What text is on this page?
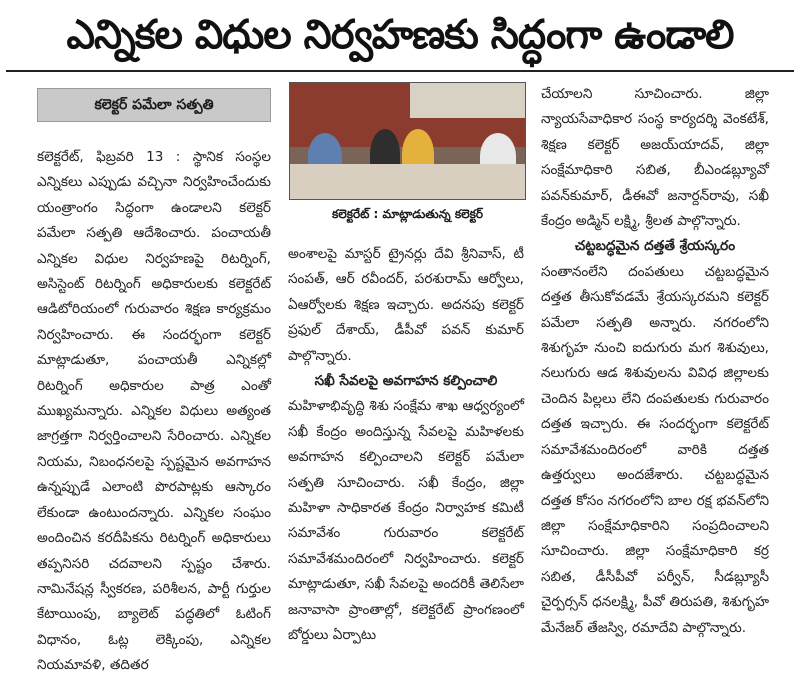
ఎన్నికల విధుల నిర్వహణకు సిద్ధంగా ఉండాలి
కలెక్టర్ పమేలా సత్పతి

కలెక్టరేట్, ఫిబ్రవరి 13 : స్థానిక సంస్థల ఎన్నికలు ఎప్పుడు వచ్చినా నిర్వహించేందుకు యంత్రాంగం సిద్ధంగా ఉండాలని కలెక్టర్ పమేలా సత్పతి ఆదేశించారు. పంచాయతీ ఎన్నికల విధుల నిర్వహణపై రిటర్నింగ్, అసిస్టెంట్ రిటర్నింగ్ అధికారులకు కలెక్టరేట్ ఆడిటోరియంలో గురువారం శిక్షణ కార్యక్రమం నిర్వహించారు. ఈ సందర్భంగా కలెక్టర్ మాట్లాడుతూ, పంచాయతీ ఎన్నికల్లో రిటర్నింగ్ అధికారుల పాత్ర ఎంతో ముఖ్యమన్నారు. ఎన్నికల విధులు అత్యంత జాగ్రత్తగా నిర్వర్తించాలని సేరించారు. ఎన్నికల నియమ, నిబంధనలపై స్పష్టమైన అవగాహన ఉన్నప్పుడే ఎలాంటి పొరపాట్లకు ఆస్కారం లేకుండా ఉంటుందన్నారు. ఎన్నికల సంఘం అందించిన కరదీపికను రిటర్నింగ్ అధికారులు తప్పనిసరి చదవాలని స్పష్టం చేశారు. నామినేషన్ల స్వీకరణ, పరిశీలన, పార్టీ గుర్తుల కేటాయింపు, బ్యాలెట్ పద్ధతిలో ఓటింగ్ విధానం, ఓట్ల లెక్కింపు, ఎన్నికల నియమావళి, తదితర

కలెక్టరేట్ : మాట్లాడుతున్న కలెక్టర్

అంశాలపై మాస్టర్ ట్రైనర్లు దేవి శ్రీనివాస్, టీ సంపత్, ఆర్ రవీందర్, పరశురామ్ ఆర్వోలు, ఏఆర్వోలకు శిక్షణ ఇచ్చారు. అదనపు కలెక్టర్ ప్రఫుల్ దేశాయ్, డీపీవో పవన్ కుమార్ పాల్గొన్నారు.

సఖీ సేవలపై అవగాహన కల్పించాలి

మహిళాభివృద్ధి శిశు సంక్షేమ శాఖ ఆధ్వర్యంలో సఖీ కేంద్రం అందిస్తున్న సేవలపై మహిళలకు అవగాహన కల్పించాలని కలెక్టర్ పమేలా సత్పతి సూచించారు. సఖీ కేంద్రం, జిల్లా మహిళా సాధికారత కేంద్రం నిర్వాహక కమిటీ సమావేశం గురువారం కలెక్టరేట్ సమావేశమందిరంలో నిర్వహించారు. కలెక్టర్ మాట్లాడుతూ, సఖీ సేవలపై అందరికీ తెలిసేలా జనావాసా ప్రాంతాల్లో, కలెక్టరేట్ ప్రాంగణంలో బోర్డులు ఏర్పాటు

చేయాలని సూచించారు. జిల్లా న్యాయసేవాధికార సంస్థ కార్యదర్శి వెంకటేశ్, శిక్షణ కలెక్టర్ అజయ్‌యాదవ్, జిల్లా సంక్షేమాధికారి సబిత, బీఎండబ్ల్యూవో పవన్‌కుమార్, డీఈవో జనార్దన్‌రావు, సఖీ కేంద్రం అడ్మిన్ లక్ష్మి, శ్రీలత పాల్గొన్నారు.

చట్టబద్ధమైన దత్తతే శ్రేయస్కరం

సంతానంలేని దంపతులు చట్టబద్ధమైన దత్తత తీసుకోవడమే శ్రేయస్కరమని కలెక్టర్ పమేలా సత్పతి అన్నారు. నగరంలోని శిశుగృహ నుంచి ఐదుగురు మగ శిశువులు, నలుగురు ఆడ శిశువులను వివిధ జిల్లాలకు చెందిన పిల్లలు లేని దంపతులకు గురువారం దత్తత ఇచ్చారు. ఈ సందర్భంగా కలెక్టరేట్ సమావేశమందిరంలో వారికి దత్తత ఉత్తర్వులు అందజేశారు. చట్టబద్ధమైన దత్తత కోసం నగరంలోని బాల రక్ష భవన్‌లోని జిల్లా సంక్షేమాధికారిని సంప్రదించాలని సూచించారు. జిల్లా సంక్షేమాధికారి కర్ర సబిత, డీసీపీవో పర్వీన్, సీడబ్ల్యూసీ చైర్పర్సన్ ధనలక్ష్మి, పీవో తిరుపతి, శిశుగృహ మేనేజర్ తేజస్వి, రమాదేవి పాల్గొన్నారు.
